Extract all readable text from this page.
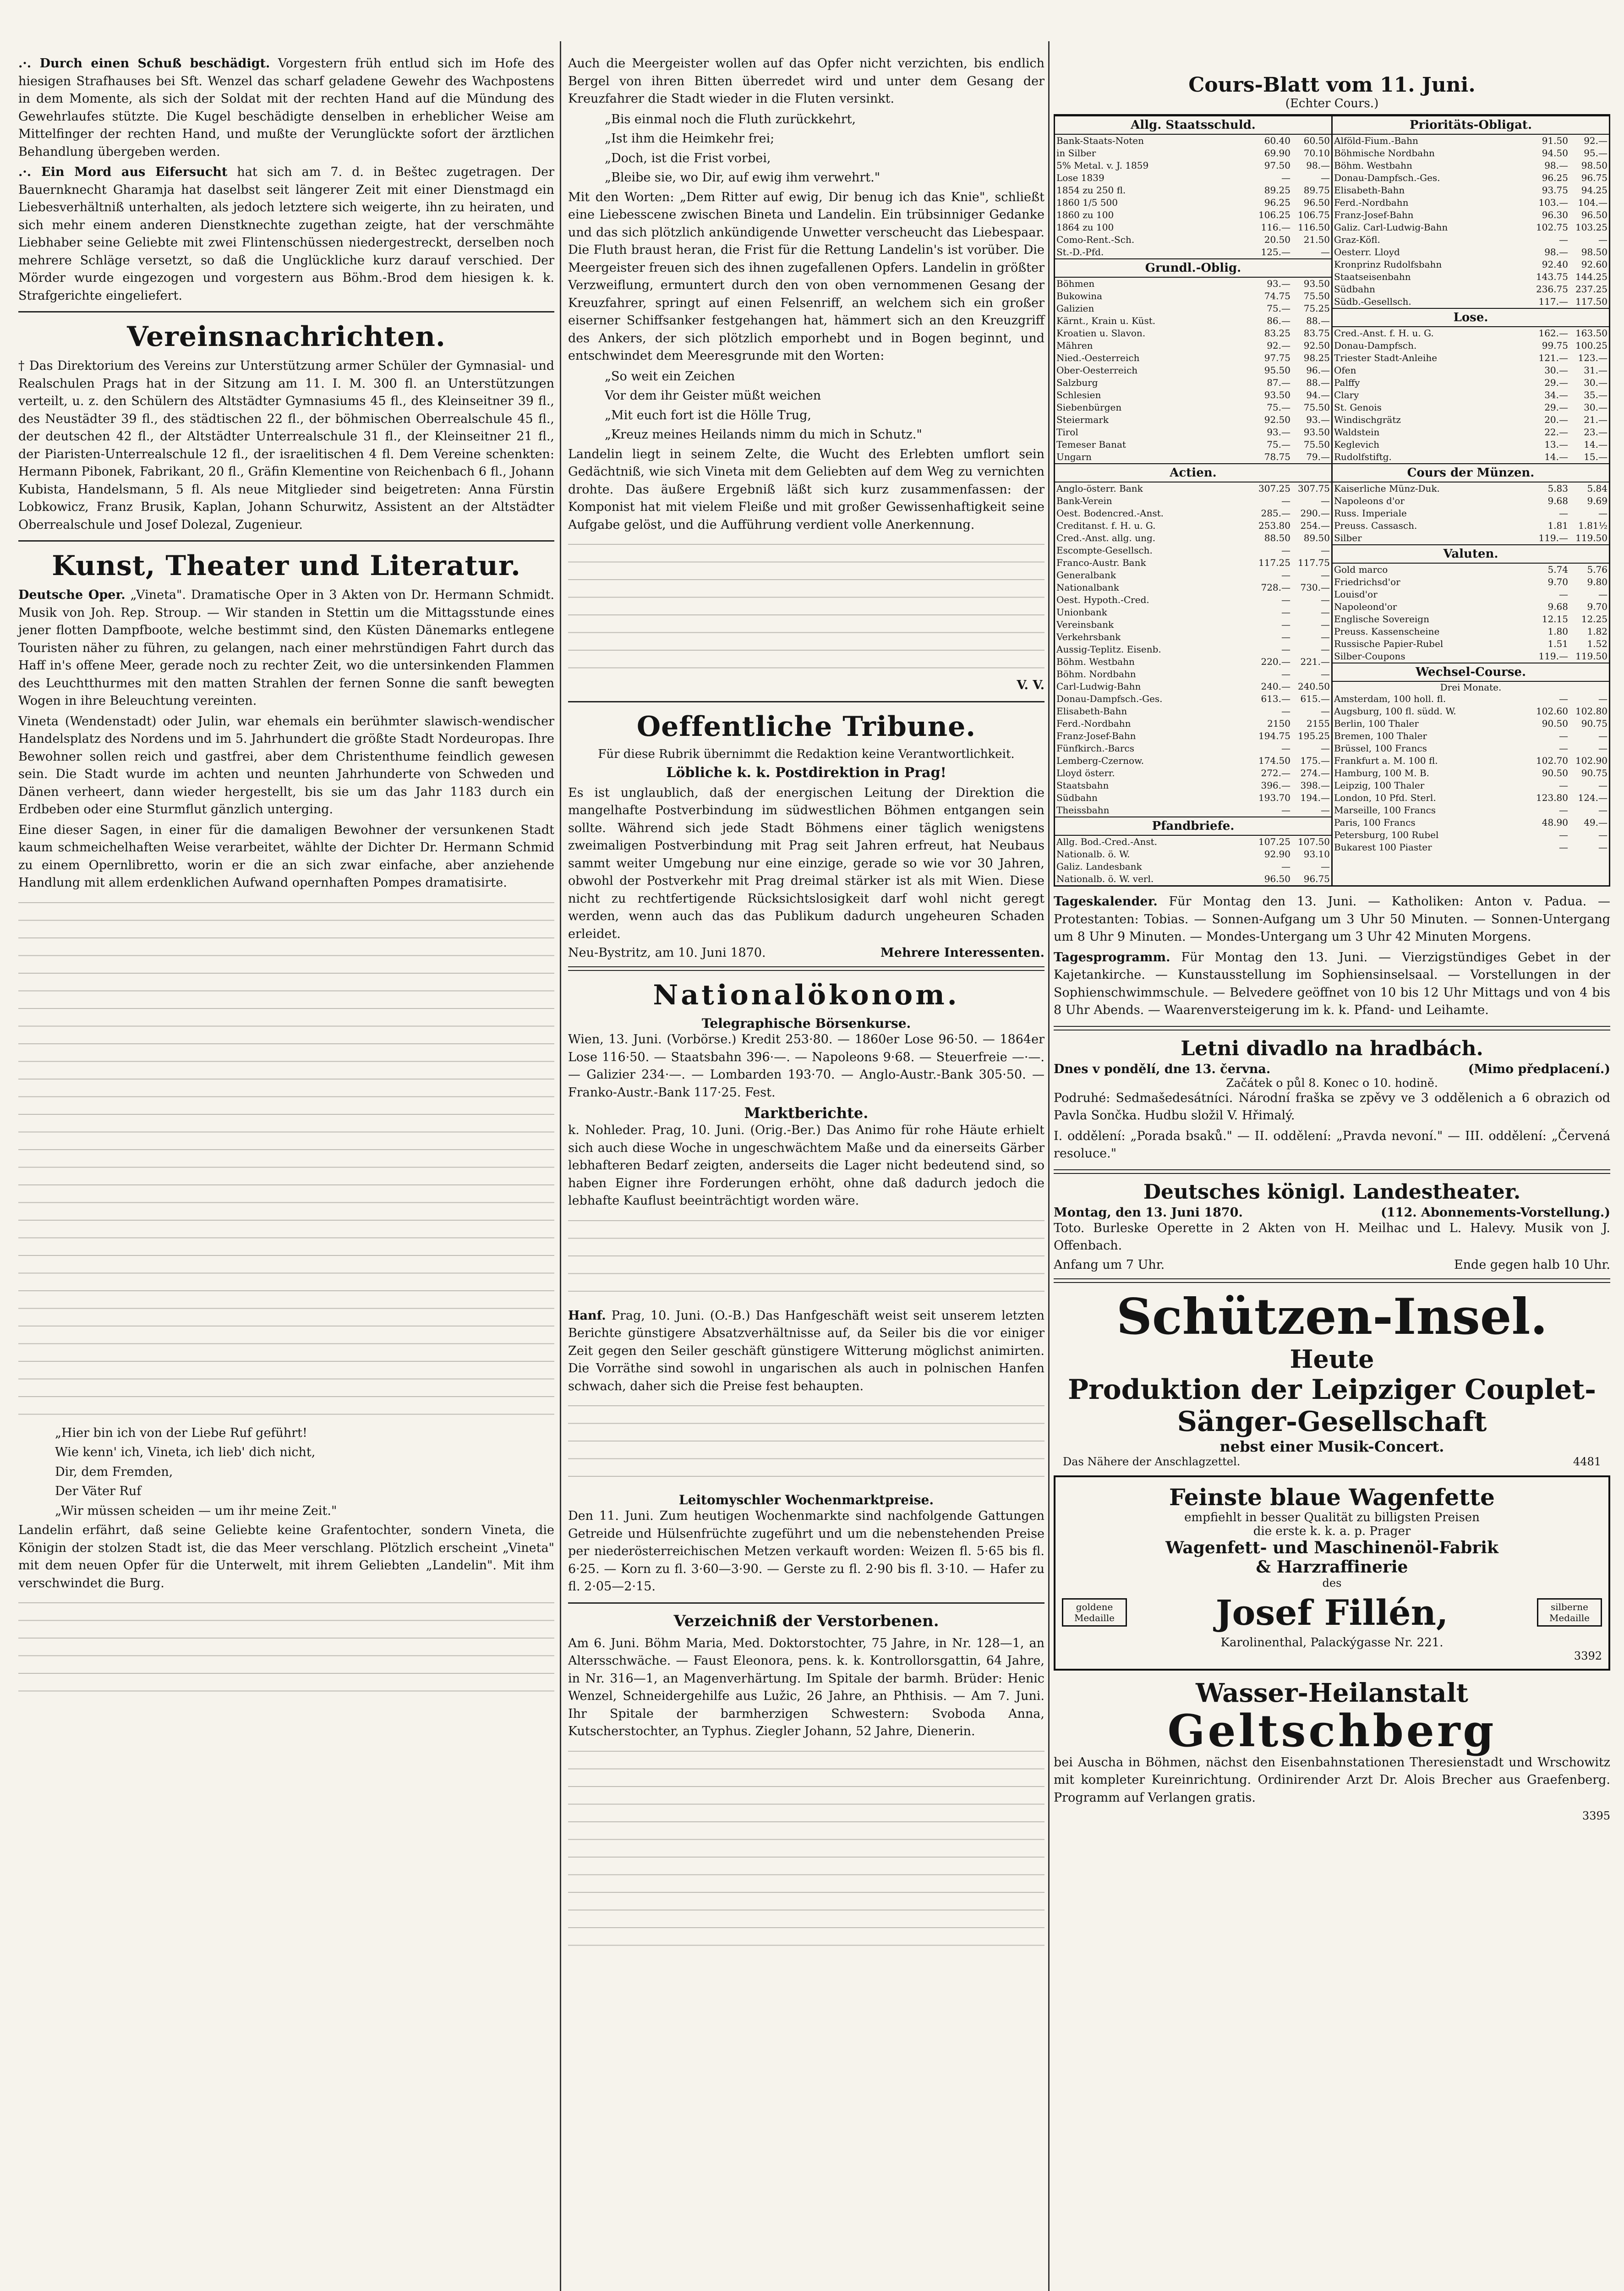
.·. Durch einen Schuß beschädigt. Vorgestern früh entlud sich im Hofe des hiesigen Strafhauses bei Sft. Wenzel das scharf geladene Gewehr des Wachpostens in dem Momente, als sich der Soldat mit der rechten Hand auf die Mündung des Gewehrlaufes stützte. Die Kugel beschädigte denselben in erheblicher Weise am Mittelfinger der rechten Hand, und mußte der Verunglückte sofort der ärztlichen Behandlung übergeben werden.

.·. Ein Mord aus Eifersucht hat sich am 7. d. in Beštec zugetragen. Der Bauernknecht Gharamja hat daselbst seit längerer Zeit mit einer Dienstmagd ein Liebesverhältniß unterhalten, als jedoch letztere sich weigerte, ihn zu heiraten, und sich mehr einem anderen Dienstknechte zugethan zeigte, hat der verschmähte Liebhaber seine Geliebte mit zwei Flintenschüssen niedergestreckt, derselben noch mehrere Schläge versetzt, so daß die Unglückliche kurz darauf verschied. Der Mörder wurde eingezogen und vorgestern aus Böhm.-Brod dem hiesigen k. k. Strafgerichte eingeliefert.

Vereinsnachrichten.

† Das Direktorium des Vereins zur Unterstützung armer Schüler der Gymnasial- und Realschulen Prags hat in der Sitzung am 11. I. M. 300 fl. an Unterstützungen verteilt, u. z. den Schülern des Altstädter Gymnasiums 45 fl., des Kleinseitner 39 fl., des Neustädter 39 fl., des städtischen 22 fl., der böhmischen Oberrealschule 45 fl., der deutschen 42 fl., der Altstädter Unterrealschule 31 fl., der Kleinseitner 21 fl., der Piaristen-Unterrealschule 12 fl., der israelitischen 4 fl. Dem Vereine schenkten: Hermann Pibonek, Fabrikant, 20 fl., Gräfin Klementine von Reichenbach 6 fl., Johann Kubista, Handelsmann, 5 fl. Als neue Mitglieder sind beigetreten: Anna Fürstin Lobkowicz, Franz Brusik, Kaplan, Johann Schurwitz, Assistent an der Altstädter Oberrealschule und Josef Dolezal, Zugenieur.

Kunst, Theater und Literatur.

Deutsche Oper. „Vineta". Dramatische Oper in 3 Akten von Dr. Hermann Schmidt. Musik von Joh. Rep. Stroup. — Wir standen in Stettin um die Mittagsstunde eines jener flotten Dampfboote, welche bestimmt sind, den Küsten Dänemarks entlegene Touristen näher zu führen, zu gelangen, nach einer mehrstündigen Fahrt durch das Haff in's offene Meer, gerade noch zu rechter Zeit, wo die untersinkenden Flammen des Leuchtthurmes mit den matten Strahlen der fernen Sonne die sanft bewegten Wogen in ihre Beleuchtung vereinten.

Vineta (Wendenstadt) oder Julin, war ehemals ein berühmter slawisch-wendischer Handelsplatz des Nordens und im 5. Jahrhundert die größte Stadt Nordeuropas. Ihre Bewohner sollen reich und gastfrei, aber dem Christenthume feindlich gewesen sein. Die Stadt wurde im achten und neunten Jahrhunderte von Schweden und Dänen verheert, dann wieder hergestellt, bis sie um das Jahr 1183 durch ein Erdbeben oder eine Sturmflut gänzlich unterging.

Eine dieser Sagen, in einer für die damaligen Bewohner der versunkenen Stadt kaum schmeichelhaften Weise verarbeitet, wählte der Dichter Dr. Hermann Schmid zu einem Opernlibretto, worin er die an sich zwar einfache, aber anziehende Handlung mit allem erdenklichen Aufwand opernhaften Pompes dramatisirte.

„Hier bin ich von der Liebe Ruf geführt!
Wie kenn' ich, Vineta, ich lieb' dich nicht,
Dir, dem Fremden,
Der Väter Ruf
„Wir müssen scheiden — um ihr meine Zeit."

Landelin erfährt, daß seine Geliebte keine Grafentochter, sondern Vineta, die Königin der stolzen Stadt ist, die das Meer verschlang. Plötzlich erscheint „Vineta" mit dem neuen Opfer für die Unterwelt, mit ihrem Geliebten „Landelin". Mit ihm verschwindet die Burg.

Auch die Meergeister wollen auf das Opfer nicht verzichten, bis endlich Bergel von ihren Bitten überredet wird und unter dem Gesang der Kreuzfahrer die Stadt wieder in die Fluten versinkt.

„Bis einmal noch die Fluth zurückkehrt,
„Ist ihm die Heimkehr frei;
„Doch, ist die Frist vorbei,
„Bleibe sie, wo Dir, auf ewig ihm verwehrt."

Mit den Worten: „Dem Ritter auf ewig, Dir benug ich das Knie", schließt eine Liebesscene zwischen Bineta und Landelin. Ein trübsinniger Gedanke und das sich plötzlich ankündigende Unwetter verscheucht das Liebespaar. Die Fluth braust heran, die Frist für die Rettung Landelin's ist vorüber. Die Meergeister freuen sich des ihnen zugefallenen Opfers. Landelin in größter Verzweiflung, ermuntert durch den von oben vernommenen Gesang der Kreuzfahrer, springt auf einen Felsenriff, an welchem sich ein großer eiserner Schiffsanker festgehangen hat, hämmert sich an den Kreuzgriff des Ankers, der sich plötzlich emporhebt und in Bogen beginnt, und entschwindet dem Meeresgrunde mit den Worten:

„So weit ein Zeichen
Vor dem ihr Geister müßt weichen
„Mit euch fort ist die Hölle Trug,
„Kreuz meines Heilands nimm du mich in Schutz."

Landelin liegt in seinem Zelte, die Wucht des Erlebten umflort sein Gedächtniß, wie sich Vineta mit dem Geliebten auf dem Weg zu vernichten drohte. Das äußere Ergebniß läßt sich kurz zusammenfassen: der Komponist hat mit vielem Fleiße und mit großer Gewissenhaftigkeit seine Aufgabe gelöst, und die Aufführung verdient volle Anerkennung.

V. V.
Oeffentliche Tribune.
Für diese Rubrik übernimmt die Redaktion keine Verantwortlichkeit.
Löbliche k. k. Postdirektion in Prag!

Es ist unglaublich, daß der energischen Leitung der Direktion die mangelhafte Postverbindung im südwestlichen Böhmen entgangen sein sollte. Während sich jede Stadt Böhmens einer täglich wenigstens zweimaligen Postverbindung mit Prag seit Jahren erfreut, hat Neubaus sammt weiter Umgebung nur eine einzige, gerade so wie vor 30 Jahren, obwohl der Postverkehr mit Prag dreimal stärker ist als mit Wien. Diese nicht zu rechtfertigende Rücksichtslosigkeit darf wohl nicht geregt werden, wenn auch das das Publikum dadurch ungeheuren Schaden erleidet.

Neu-Bystritz, am 10. Juni 1870.	Mehrere Interessenten.
Nationalökonom.
Telegraphische Börsenkurse.

Wien, 13. Juni. (Vorbörse.) Kredit 253·80. — 1860er Lose 96·50. — 1864er Lose 116·50. — Staatsbahn 396·—. — Napoleons 9·68. — Steuerfreie —·—. — Galizier 234·—. — Lombarden 193·70. — Anglo-Austr.-Bank 305·50. — Franko-Austr.-Bank 117·25. Fest.

Marktberichte.

k. Nohleder. Prag, 10. Juni. (Orig.-Ber.) Das Animo für rohe Häute erhielt sich auch diese Woche in ungeschwächtem Maße und da einerseits Gärber lebhafteren Bedarf zeigten, anderseits die Lager nicht bedeutend sind, so haben Eigner ihre Forderungen erhöht, ohne daß dadurch jedoch die lebhafte Kauflust beeinträchtigt worden wäre.

Hanf. Prag, 10. Juni. (O.-B.) Das Hanfgeschäft weist seit unserem letzten Berichte günstigere Absatzverhältnisse auf, da Seiler bis die vor einiger Zeit gegen den Seiler geschäft günstigere Witterung möglichst animirten. Die Vorräthe sind sowohl in ungarischen als auch in polnischen Hanfen schwach, daher sich die Preise fest behaupten.

Leitomyschler Wochenmarktpreise.

Den 11. Juni. Zum heutigen Wochenmarkte sind nachfolgende Gattungen Getreide und Hülsenfrüchte zugeführt und um die nebenstehenden Preise per niederösterreichischen Metzen verkauft worden: Weizen fl. 5·65 bis fl. 6·25. — Korn zu fl. 3·60—3·90. — Gerste zu fl. 2·90 bis fl. 3·10. — Hafer zu fl. 2·05—2·15.

Verzeichniß der Verstorbenen.

Am 6. Juni. Böhm Maria, Med. Doktorstochter, 75 Jahre, in Nr. 128—1, an Altersschwäche. — Faust Eleonora, pens. k. k. Kontrollorsgattin, 64 Jahre, in Nr. 316—1, an Magenverhärtung. Im Spitale der barmh. Brüder: Henic Wenzel, Schneidergehilfe aus Lužic, 26 Jahre, an Phthisis. — Am 7. Juni. Ihr Spitale der barmherzigen Schwestern: Svoboda Anna, Kutscherstochter, an Typhus. Ziegler Johann, 52 Jahre, Dienerin.

Cours-Blatt vom 11. Juni.
(Echter Cours.)
Allg. Staatsschuld.
Bank-Staats-Noten	60.40	60.50
in Silber	69.90	70.10
5% Metal. v. J. 1859	97.50	98.—
Lose 1839	—	—
1854 zu 250 fl.	89.25	89.75
1860 1/5 500	96.25	96.50
1860 zu 100	106.25	106.75
1864 zu 100	116.—	116.50
Como-Rent.-Sch.	20.50	21.50
St.-D.-Pfd.	125.—	—
Grundl.-Oblig.
Böhmen	93.—	93.50
Bukowina	74.75	75.50
Galizien	75.—	75.25
Kärnt., Krain u. Küst.	86.—	88.—
Kroatien u. Slavon.	83.25	83.75
Mähren	92.—	92.50
Nied.-Oesterreich	97.75	98.25
Ober-Oesterreich	95.50	96.—
Salzburg	87.—	88.—
Schlesien	93.50	94.—
Siebenbürgen	75.—	75.50
Steiermark	92.50	93.—
Tirol	93.—	93.50
Temeser Banat	75.—	75.50
Ungarn	78.75	79.—
Actien.
Anglo-österr. Bank	307.25	307.75
Bank-Verein	—	—
Oest. Bodencred.-Anst.	285.—	290.—
Creditanst. f. H. u. G.	253.80	254.—
Cred.-Anst. allg. ung.	88.50	89.50
Escompte-Gesellsch.	—	—
Franco-Austr. Bank	117.25	117.75
Generalbank	—	—
Nationalbank	728.—	730.—
Oest. Hypoth.-Cred.	—	—
Unionbank	—	—
Vereinsbank	—	—
Verkehrsbank	—	—
Aussig-Teplitz. Eisenb.	—	—
Böhm. Westbahn	220.—	221.—
Böhm. Nordbahn	—	—
Carl-Ludwig-Bahn	240.—	240.50
Donau-Dampfsch.-Ges.	613.—	615.—
Elisabeth-Bahn	—	—
Ferd.-Nordbahn	2150	2155
Franz-Josef-Bahn	194.75	195.25
Fünfkirch.-Barcs	—	—
Lemberg-Czernow.	174.50	175.—
Lloyd österr.	272.—	274.—
Staatsbahn	396.—	398.—
Südbahn	193.70	194.—
Theissbahn	—	—
Pfandbriefe.
Allg. Bod.-Cred.-Anst.	107.25	107.50
Nationalb. ö. W.	92.90	93.10
Galiz. Landesbank	—	—
Nationalb. ö. W. verl.	96.50	96.75
Prioritäts-Obligat.
Alföld-Fium.-Bahn	91.50	92.—
Böhmische Nordbahn	94.50	95.—
Böhm. Westbahn	98.—	98.50
Donau-Dampfsch.-Ges.	96.25	96.75
Elisabeth-Bahn	93.75	94.25
Ferd.-Nordbahn	103.—	104.—
Franz-Josef-Bahn	96.30	96.50
Galiz. Carl-Ludwig-Bahn	102.75	103.25
Graz-Köfl.	—	—
Oesterr. Lloyd	98.—	98.50
Kronprinz Rudolfsbahn	92.40	92.60
Staatseisenbahn	143.75	144.25
Südbahn	236.75	237.25
Südb.-Gesellsch.	117.—	117.50
Lose.
Cred.-Anst. f. H. u. G.	162.—	163.50
Donau-Dampfsch.	99.75	100.25
Triester Stadt-Anleihe	121.—	123.—
Ofen	30.—	31.—
Palffy	29.—	30.—
Clary	34.—	35.—
St. Genois	29.—	30.—
Windischgrätz	20.—	21.—
Waldstein	22.—	23.—
Keglevich	13.—	14.—
Rudolfstiftg.	14.—	15.—
Cours der Münzen.
Kaiserliche Münz-Duk.	5.83	5.84
Napoleons d'or	9.68	9.69
Russ. Imperiale	—	—
Preuss. Cassasch.	1.81	1.81½
Silber	119.—	119.50
Valuten.
Gold marco	5.74	5.76
Friedrichsd'or	9.70	9.80
Louisd'or	—	—
Napoleond'or	9.68	9.70
Englische Sovereign	12.15	12.25
Preuss. Kassenscheine	1.80	1.82
Russische Papier-Rubel	1.51	1.52
Silber-Coupons	119.—	119.50
Wechsel-Course.
Drei Monate.
Amsterdam, 100 holl. fl.	—	—
Augsburg, 100 fl. südd. W.	102.60	102.80
Berlin, 100 Thaler	90.50	90.75
Bremen, 100 Thaler	—	—
Brüssel, 100 Francs	—	—
Frankfurt a. M. 100 fl.	102.70	102.90
Hamburg, 100 M. B.	90.50	90.75
Leipzig, 100 Thaler	—	—
London, 10 Pfd. Sterl.	123.80	124.—
Marseille, 100 Francs	—	—
Paris, 100 Francs	48.90	49.—
Petersburg, 100 Rubel	—	—
Bukarest 100 Piaster	—	—

Tageskalender. Für Montag den 13. Juni. — Katholiken: Anton v. Padua. — Protestanten: Tobias. — Sonnen-Aufgang um 3 Uhr 50 Minuten. — Sonnen-Untergang um 8 Uhr 9 Minuten. — Mondes-Untergang um 3 Uhr 42 Minuten Morgens.

Tagesprogramm. Für Montag den 13. Juni. — Vierzigstündiges Gebet in der Kajetankirche. — Kunstausstellung im Sophiensinselsaal. — Vorstellungen in der Sophienschwimmschule. — Belvedere geöffnet von 10 bis 12 Uhr Mittags und von 4 bis 8 Uhr Abends. — Waarenversteigerung im k. k. Pfand- und Leihamte.

Letni divadlo na hradbách.
Dnes v pondělí, dne 13. června.	(Mimo předplacení.)
Začátek o půl 8. Konec o 10. hodině.

Podruhé: Sedmašedesátníci. Národní fraška se zpěvy ve 3 oddělenich a 6 obrazich od Pavla Sončka. Hudbu složil V. Hřimalý.

I. oddělení: „Porada bsaků." — II. oddělení: „Pravda nevoní." — III. oddělení: „Červená resoluce."

Deutsches königl. Landestheater.
Montag, den 13. Juni 1870.	(112. Abonnements-Vorstellung.)

Toto. Burleske Operette in 2 Akten von H. Meilhac und L. Halevy. Musik von J. Offenbach.

Anfang um 7 Uhr.	Ende gegen halb 10 Uhr.
Schützen-Insel.
Heute
Produktion der Leipziger Couplet-
Sänger-Gesellschaft
nebst einer Musik-Concert.
Das Nähere der Anschlagzettel.	4481
Feinste blaue Wagenfette
empfiehlt in besser Qualität zu billigsten Preisen
die erste k. k. a. p. Prager
Wagenfett- und Maschinenöl-Fabrik
& Harzraffinerie
des
goldene Medaille	Josef Fillén,	silberne Medaille
Karolinenthal, Palackýgasse Nr. 221.
3392
Wasser-Heilanstalt
Geltschberg

bei Auscha in Böhmen, nächst den Eisenbahnstationen Theresienstadt und Wrschowitz mit kompleter Kureinrichtung. Ordinirender Arzt Dr. Alois Brecher aus Graefenberg. Programm auf Verlangen gratis.

3395
